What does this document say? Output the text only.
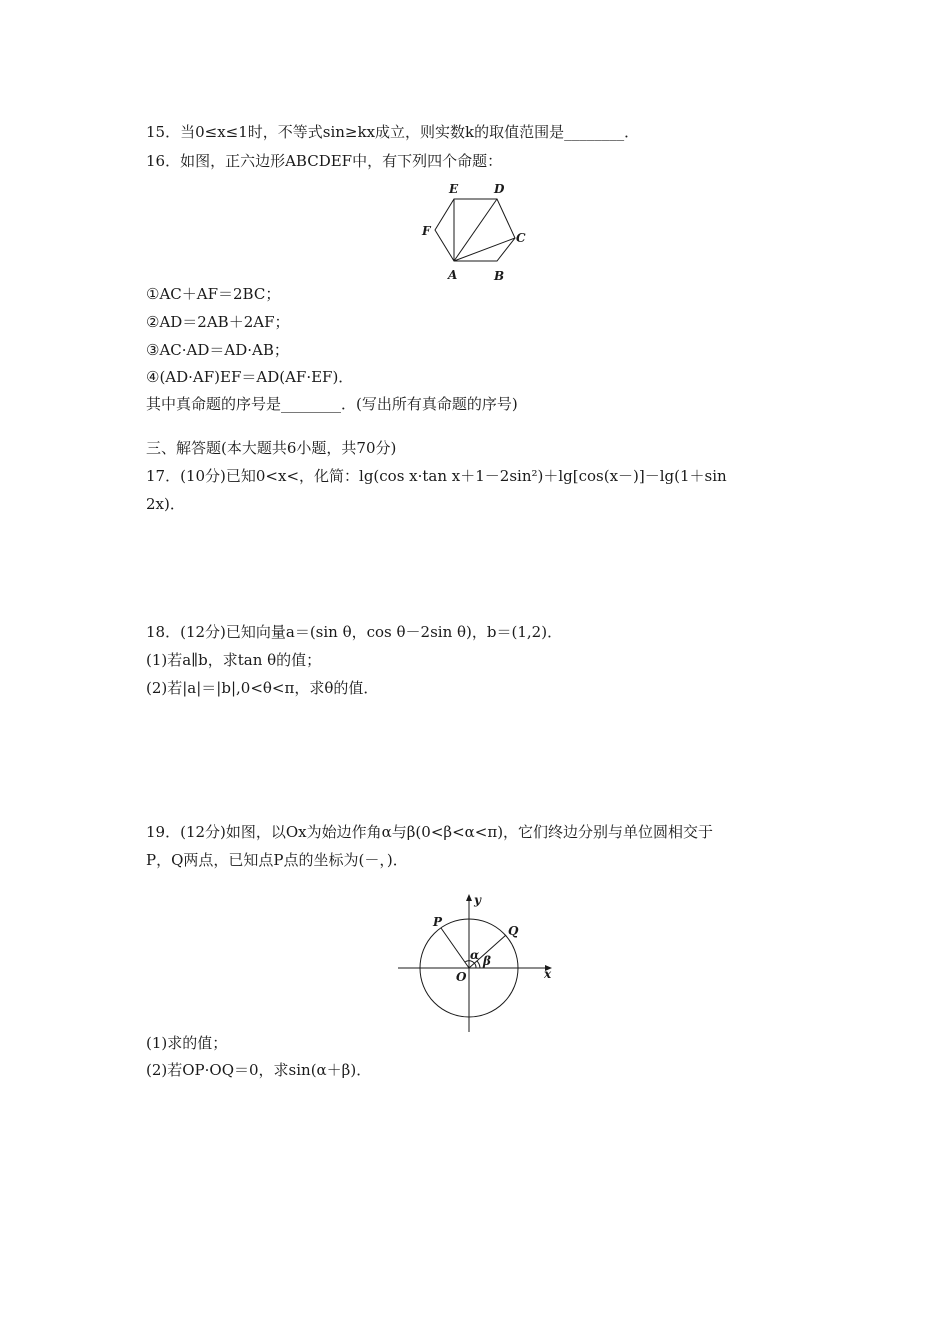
15．当0≤x≤1时，不等式sin≥kx成立，则实数k的取值范围是________．
16．如图，正六边形ABCDEF中，有下列四个命题：
E	D
F	C
A	B
①AC＋AF＝2BC；
②AD＝2AB＋2AF；
③AC·AD＝AD·AB；
④(AD·AF)EF＝AD(AF·EF)．
其中真命题的序号是________．(写出所有真命题的序号)
三、解答题(本大题共6小题，共70分)
17．(10分)已知0<x<，化简：lg(cos x·tan x＋1－2sin²)＋lg[cos(x－)]－lg(1＋sin
2x)．
18．(12分)已知向量a＝(sin θ，cos θ－2sin θ)，b＝(1,2)．
(1)若a∥b，求tan θ的值；
(2)若|a|＝|b|,0<θ<π，求θ的值．
19．(12分)如图，以Ox为始边作角α与β(0<β<α<π)，它们终边分别与单位圆相交于
P，Q两点，已知点P点的坐标为(－，)．
y
x
O
P
Q
α β
(1)求的值；
(2)若OP·OQ＝0，求sin(α＋β)．
